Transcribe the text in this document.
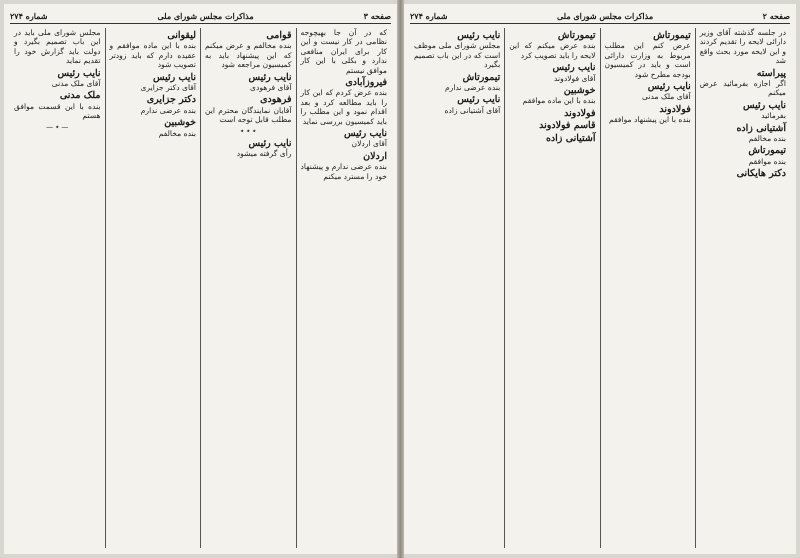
صفحه ۳
مذاکرات مجلس شورای ملی
شماره ۲۷۴
که در آن جا بهیچوجه نظامی در کار نیست و این کار برای ایران منافعی ندارد و بکلی با این کار موافق نیستم
فیروزآبادی
بنده عرض کردم که این کار را باید مطالعه کرد و بعد اقدام نمود و این مطلب را باید کمیسیون بررسی نماید
نایب رئیس
آقای اردلان
اردلان
بنده عرضی ندارم و پیشنهاد خود را مسترد میکنم
قوامی
بنده مخالفم و عرض میکنم که این پیشنهاد باید به کمیسیون مراجعه شود
نایب رئیس
آقای فرهودی
فرهودی
آقایان نمایندگان محترم این مطلب قابل توجه است
٭ ٭ ٭
نایب رئیس
رأی گرفته میشود
لیقوانی
بنده با این ماده موافقم و عقیده دارم که باید زودتر تصویب شود
نایب رئیس
آقای دکتر جزایری
دکتر جزایری
بنده عرضی ندارم
خوشبین
بنده مخالفم
مجلس شورای ملی باید در این باب تصمیم بگیرد و دولت باید گزارش خود را تقدیم نماید
نایب رئیس
آقای ملک مدنی
ملک مدنی
بنده با این قسمت موافق هستم
— ٭ —
صفحه ۲
مذاکرات مجلس شورای ملی
شماره ۲۷۴
در جلسه گذشته آقای وزیر دارائی لایحه را تقدیم کردند و این لایحه مورد بحث واقع شد
پیراسته
اگر اجازه بفرمائید عرض میکنم
نایب رئیس
بفرمائید
آشتیانی زاده
بنده مخالفم
تیمورتاش
بنده موافقم
دکتر هایکانی
تیمورتاش
عرض کنم این مطلب مربوط به وزارت دارائی است و باید در کمیسیون بودجه مطرح شود
نایب رئیس
آقای ملک مدنی
فولادوند
بنده با این پیشنهاد موافقم
تیمورتاش
بنده عرض میکنم که این لایحه را باید تصویب کرد
نایب رئیس
آقای فولادوند
خوشبین
بنده با این ماده موافقم
فولادوند
قاسم فولادوند
آشتیانی زاده
نایب رئیس
مجلس شورای ملی موظف است که در این باب تصمیم بگیرد
تیمورتاش
بنده عرضی ندارم
نایب رئیس
آقای آشتیانی زاده
